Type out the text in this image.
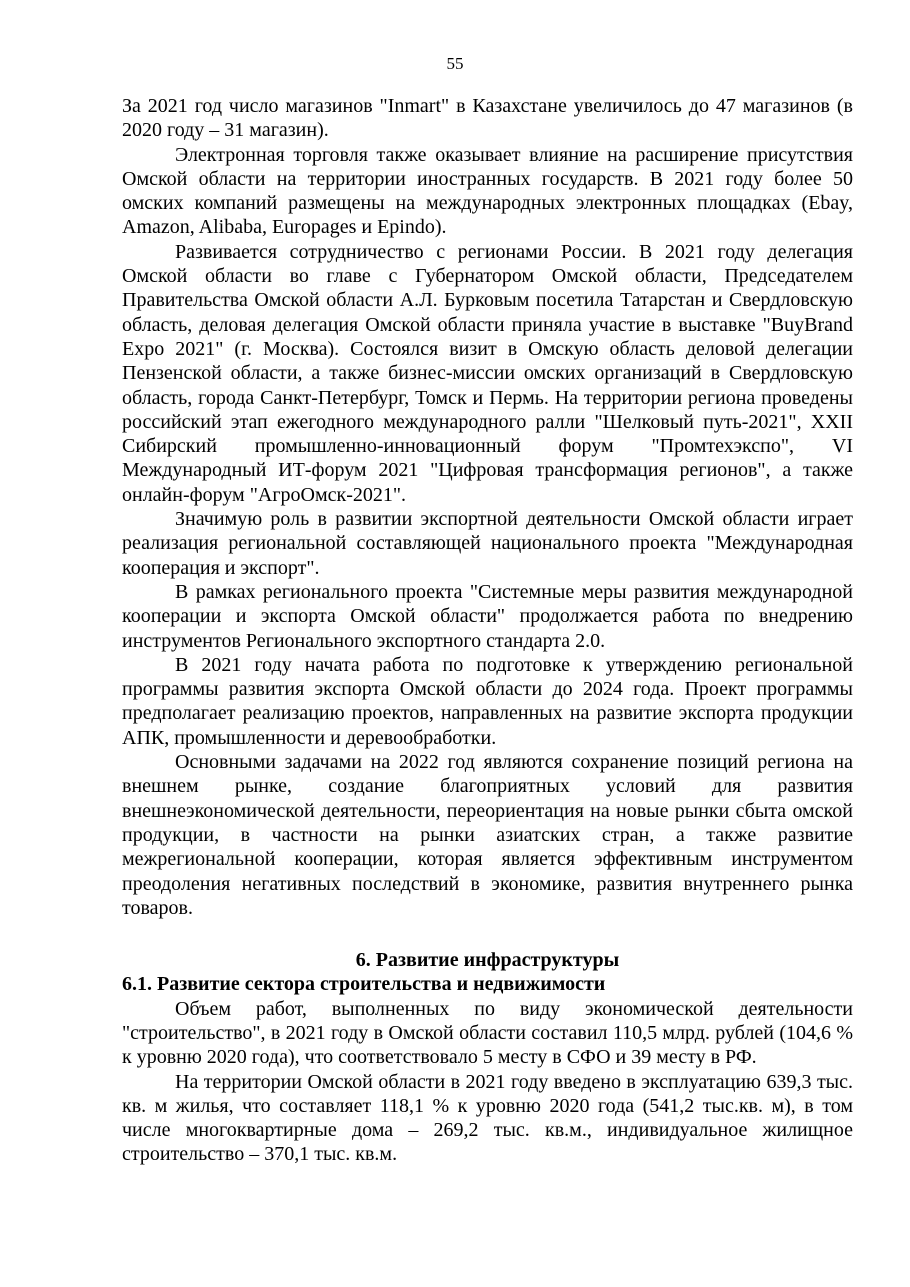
55

За 2021 год число магазинов "Inmart" в Казахстане увеличилось до 47 магазинов (в 2020 году – 31 магазин).

Электронная торговля также оказывает влияние на расширение присутствия Омской области на территории иностранных государств. В 2021 году более 50 омских компаний размещены на международных электронных площадках (Ebay, Amazon, Alibaba, Europages и Epindo).

Развивается сотрудничество с регионами России. В 2021 году делегация Омской области во главе с Губернатором Омской области, Председателем Правительства Омской области А.Л. Бурковым посетила Татарстан и Свердловскую область, деловая делегация Омской области приняла участие в выставке "BuyBrand Expo 2021" (г. Москва). Состоялся визит в Омскую область деловой делегации Пензенской области, а также бизнес-миссии омских организаций в Свердловскую область, города Санкт-Петербург, Томск и Пермь. На территории региона проведены российский этап ежегодного международного ралли "Шелковый путь-2021", XXII Сибирский промышленно-инновационный форум "Промтехэкспо", VI Международный ИТ-форум 2021 "Цифровая трансформация регионов", а также онлайн-форум "АгроОмск-2021".

Значимую роль в развитии экспортной деятельности Омской области играет реализация региональной составляющей национального проекта "Международная кооперация и экспорт".

В рамках регионального проекта "Системные меры развития международной кооперации и экспорта Омской области" продолжается работа по внедрению инструментов Регионального экспортного стандарта 2.0.

В 2021 году начата работа по подготовке к утверждению региональной программы развития экспорта Омской области до 2024 года. Проект программы предполагает реализацию проектов, направленных на развитие экспорта продукции АПК, промышленности и деревообработки.

Основными задачами на 2022 год являются сохранение позиций региона на внешнем рынке, создание благоприятных условий для развития внешнеэкономической деятельности, переориентация на новые рынки сбыта омской продукции, в частности на рынки азиатских стран, а также развитие межрегиональной кооперации, которая является эффективным инструментом преодоления негативных последствий в экономике, развития внутреннего рынка товаров.

6. Развитие инфраструктуры
6.1. Развитие сектора строительства и недвижимости

Объем работ, выполненных по виду экономической деятельности "строительство", в 2021 году в Омской области составил 110,5 млрд. рублей (104,6 % к уровню 2020 года), что соответствовало 5 месту в СФО и 39 месту в РФ.

На территории Омской области в 2021 году введено в эксплуатацию 639,3 тыс. кв. м жилья, что составляет 118,1 % к уровню 2020 года (541,2 тыс.кв. м), в том числе многоквартирные дома – 269,2 тыс. кв.м., индивидуальное жилищное строительство – 370,1 тыс. кв.м.
